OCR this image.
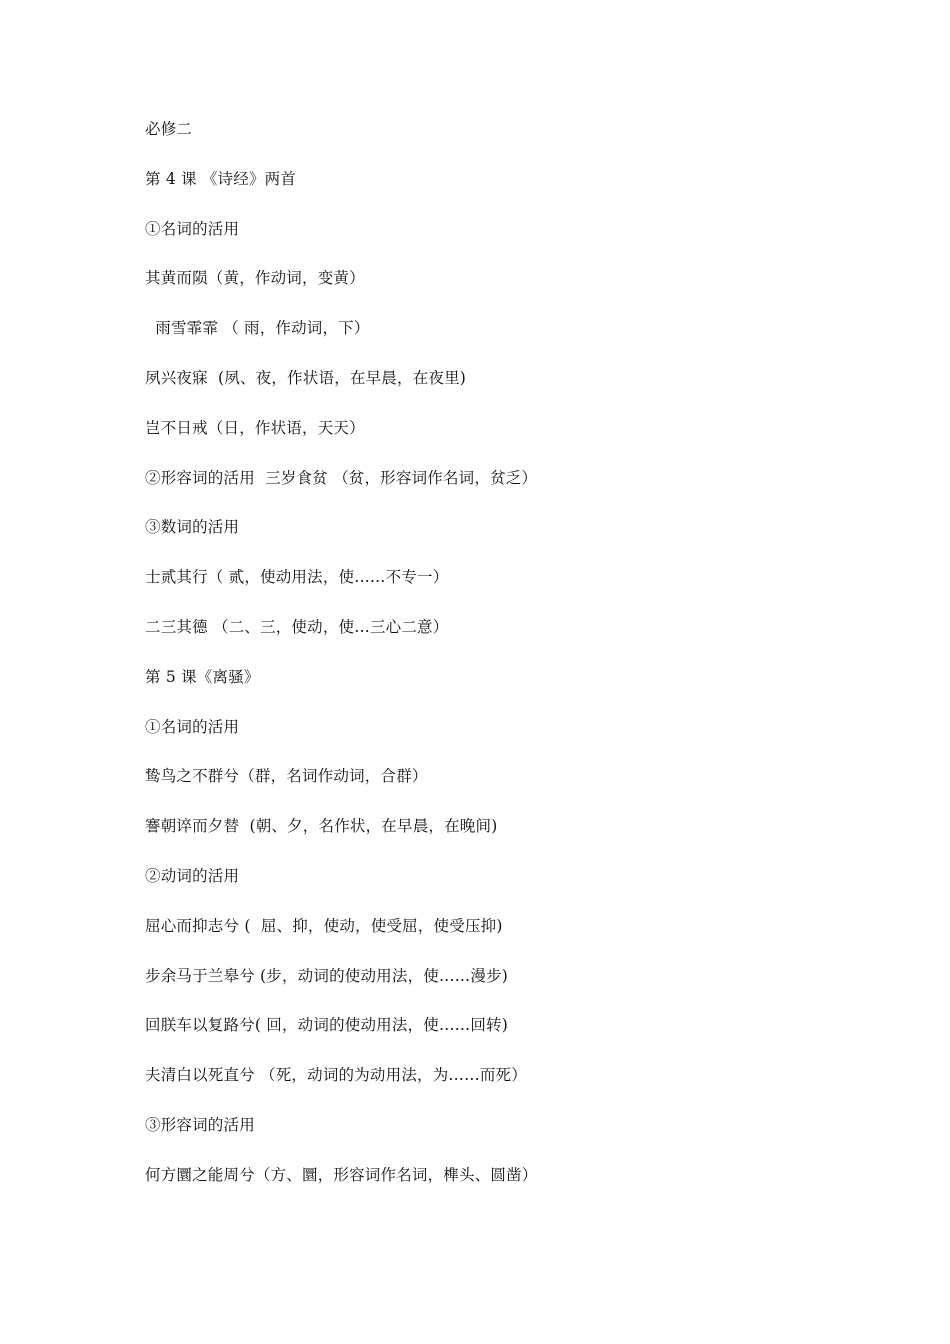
必修二
第 4 课 《诗经》两首
①名词的活用
其黄而陨（黄，作动词，变黄）
雨雪霏霏 （ 雨，作动词，下）
夙兴夜寐  (夙、夜，作状语，在早晨，在夜里)
岂不日戒（日，作状语，天天）
②形容词的活用  三岁食贫 （贫，形容词作名词，贫乏）
③数词的活用
士贰其行（ 贰，使动用法，使……不专一）
二三其德 （二、三，使动，使…三心二意）
第 5 课《离骚》
①名词的活用
鸷鸟之不群兮（群，名词作动词，合群）
謇朝谇而夕替  (朝、夕，名作状，在早晨，在晚间)
②动词的活用
屈心而抑志兮 (  屈、抑，使动，使受屈，使受压抑)
步余马于兰皋兮 (步，动词的使动用法，使……漫步)
回朕车以复路兮( 回，动词的使动用法，使……回转)
夫清白以死直兮 （死，动词的为动用法，为……而死）
③形容词的活用
何方圜之能周兮（方、圜，形容词作名词，榫头、圆凿）
